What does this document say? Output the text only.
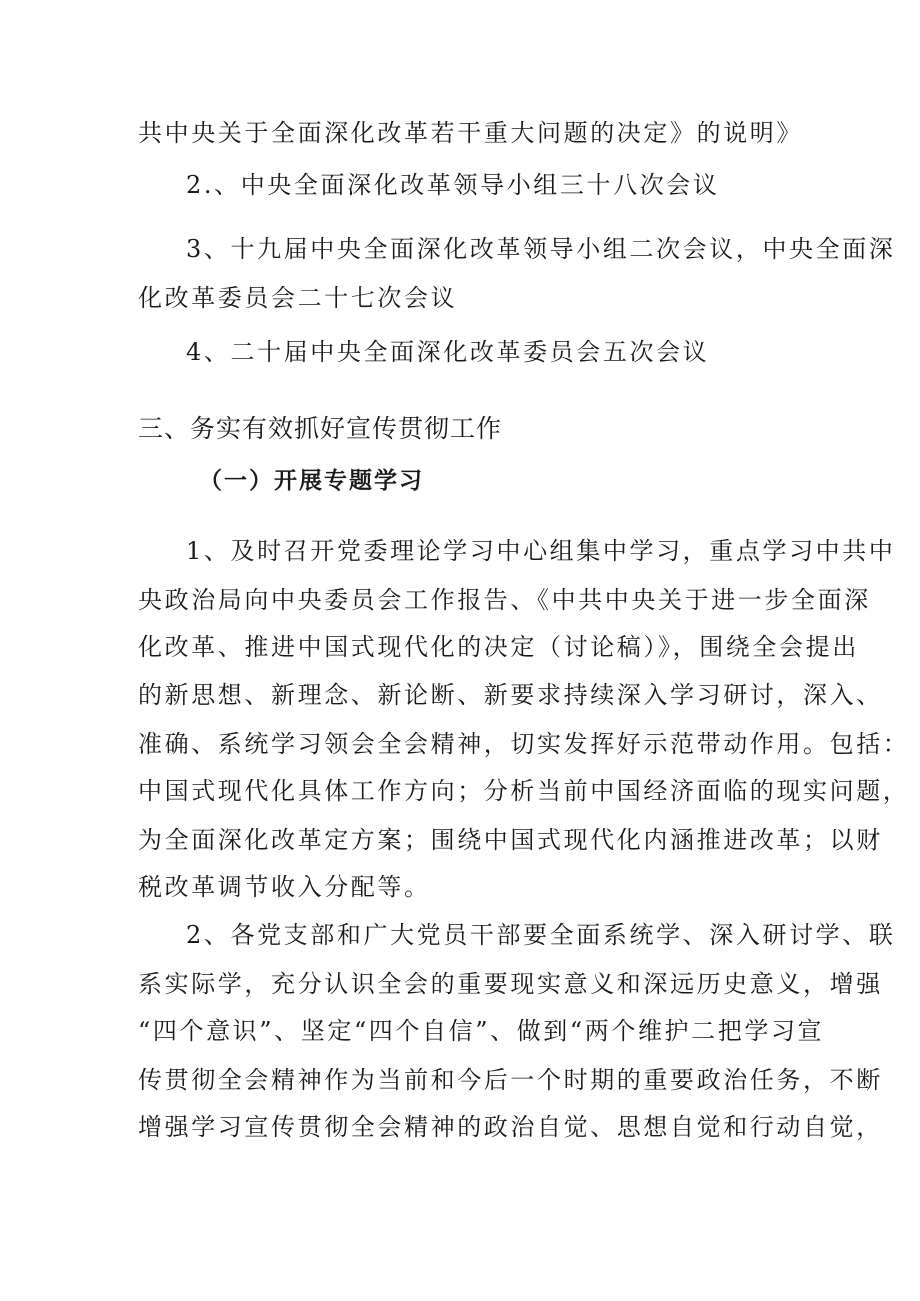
共中央关于全面深化改革若干重大问题的决定》的说明》
2.、中央全面深化改革领导小组三十八次会议
3、十九届中央全面深化改革领导小组二次会议，中央全面深
化改革委员会二十七次会议
4、二十届中央全面深化改革委员会五次会议
三、务实有效抓好宣传贯彻工作
（一）开展专题学习
1、及时召开党委理论学习中心组集中学习，重点学习中共中
央政治局向中央委员会工作报告、《中共中央关于进一步全面深
化改革、推进中国式现代化的决定（讨论稿）》，围绕全会提出
的新思想、新理念、新论断、新要求持续深入学习研讨，深入、
准确、系统学习领会全会精神，切实发挥好示范带动作用。包括：
中国式现代化具体工作方向；分析当前中国经济面临的现实问题，
为全面深化改革定方案；围绕中国式现代化内涵推进改革；以财
税改革调节收入分配等。
2、各党支部和广大党员干部要全面系统学、深入研讨学、联
系实际学，充分认识全会的重要现实意义和深远历史意义，增强
“四个意识”、坚定“四个自信”、做到“两个维护二把学习宣
传贯彻全会精神作为当前和今后一个时期的重要政治任务，不断
增强学习宣传贯彻全会精神的政治自觉、思想自觉和行动自觉，
